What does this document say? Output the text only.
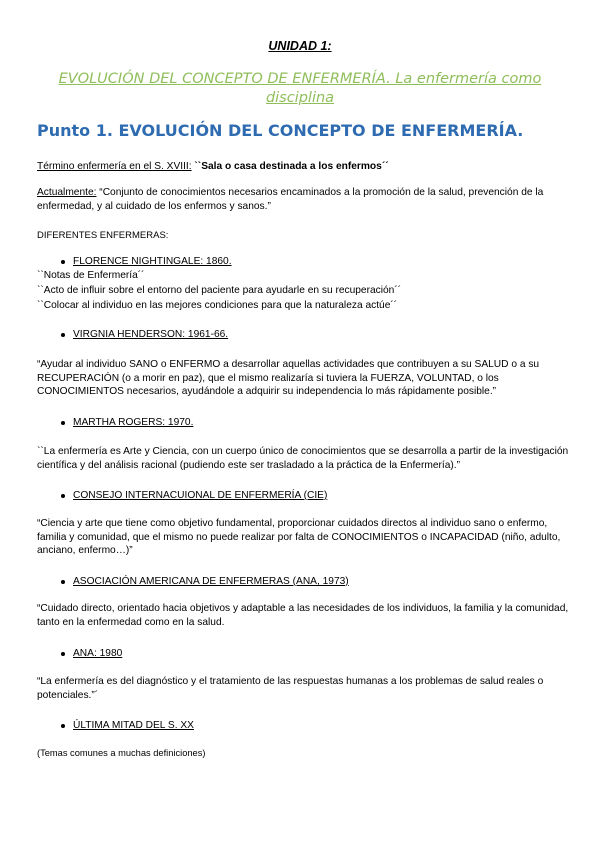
UNIDAD 1:
EVOLUCIÓN DEL CONCEPTO DE ENFERMERÍA. La enfermería como disciplina
Punto 1. EVOLUCIÓN DEL CONCEPTO DE ENFERMERÍA.
Término enfermería en el S. XVIII: ``Sala o casa destinada a los enfermos´´
Actualmente: “Conjunto de conocimientos necesarios encaminados a la promoción de la salud, prevención de la enfermedad, y al cuidado de los enfermos y sanos.”
DIFERENTES ENFERMERAS:
FLORENCE NIGHTINGALE: 1860.
``Notas de Enfermería´´
``Acto de influir sobre el entorno del paciente para ayudarle en su recuperación´´
``Colocar al individuo en las mejores condiciones para que la naturaleza actúe´´
VIRGNIA HENDERSON: 1961-66.
“Ayudar al individuo SANO o ENFERMO a desarrollar aquellas actividades que contribuyen a su SALUD o a su RECUPERACIÓN (o a morir en paz), que el mismo realizaría si tuviera la FUERZA, VOLUNTAD, o los CONOCIMIENTOS necesarios, ayudándole a adquirir su independencia lo más rápidamente posible.”
MARTHA ROGERS: 1970.
``La enfermería es Arte y Ciencia, con un cuerpo único de conocimientos que se desarrolla a partir de la investigación científica y del análisis racional (pudiendo este ser trasladado a la práctica de la Enfermería).”
CONSEJO INTERNACUIONAL DE ENFERMERÍA (CIE)
“Ciencia y arte que tiene como objetivo fundamental, proporcionar cuidados directos al individuo sano o enfermo, familia y comunidad, que el mismo no puede realizar por falta de CONOCIMIENTOS o INCAPACIDAD (niño, adulto, anciano, enfermo…)”
ASOCIACIÓN AMERICANA DE ENFERMERAS (ANA, 1973)
“Cuidado directo, orientado hacia objetivos y adaptable a las necesidades de los individuos, la familia y la comunidad, tanto en la enfermedad como en la salud.
ANA: 1980
“La enfermería es del diagnóstico y el tratamiento de las respuestas humanas a los problemas de salud reales o potenciales.”´
ÚLTIMA MITAD DEL S. XX
(Temas comunes a muchas definiciones)
